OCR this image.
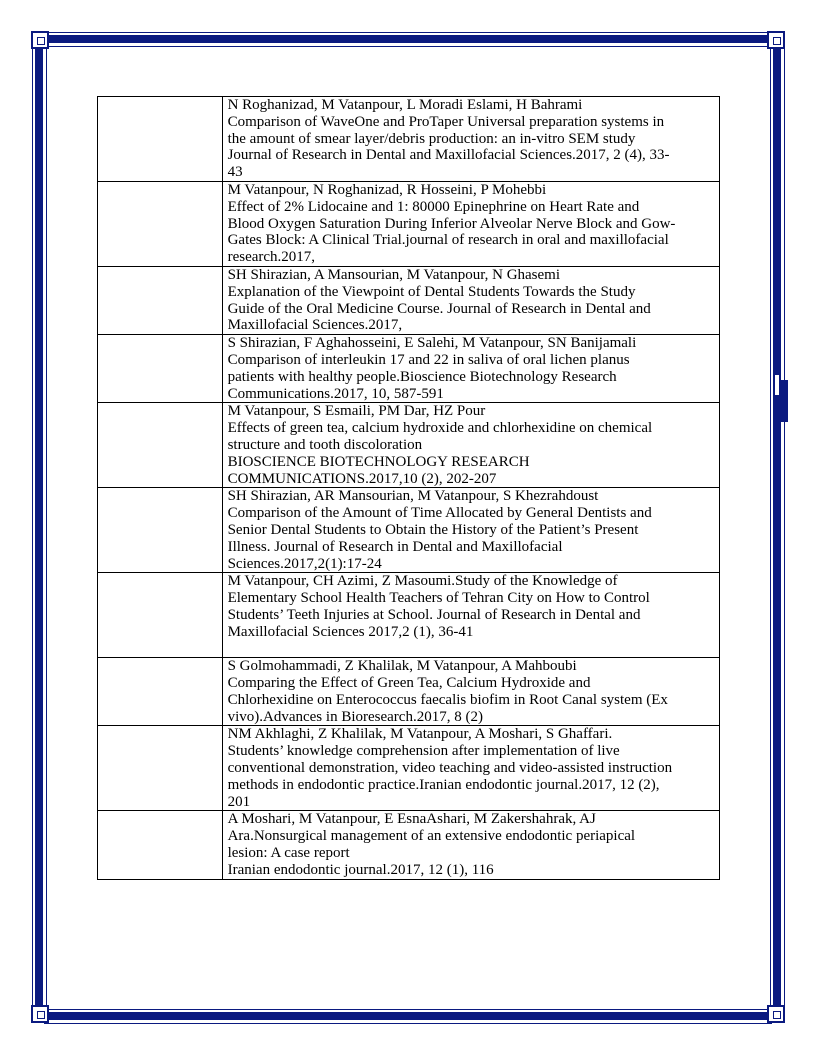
	N Roghanizad, M Vatanpour, L Moradi Eslami, H Bahrami
Comparison of WaveOne and ProTaper Universal preparation systems in
the amount of smear layer/debris production: an in-vitro SEM study
Journal of Research in Dental and Maxillofacial Sciences.2017, 2 (4), 33-
43

	M Vatanpour, N Roghanizad, R Hosseini, P Mohebbi
Effect of 2% Lidocaine and 1: 80000 Epinephrine on Heart Rate and
Blood Oxygen Saturation During Inferior Alveolar Nerve Block and Gow-
Gates Block: A Clinical Trial.journal of research in oral and maxillofacial
research.2017,

	SH Shirazian, A Mansourian, M Vatanpour, N Ghasemi
Explanation of the Viewpoint of Dental Students Towards the Study
Guide of the Oral Medicine Course. Journal of Research in Dental and
Maxillofacial Sciences.2017,

	S Shirazian, F Aghahosseini, E Salehi, M Vatanpour, SN Banijamali
Comparison of interleukin 17 and 22 in saliva of oral lichen planus
patients with healthy people.Bioscience Biotechnology Research
Communications.2017, 10, 587-591

	M Vatanpour, S Esmaili, PM Dar, HZ Pour
Effects of green tea, calcium hydroxide and chlorhexidine on chemical
structure and tooth discoloration
BIOSCIENCE BIOTECHNOLOGY RESEARCH
COMMUNICATIONS.2017,10 (2), 202-207

	SH Shirazian, AR Mansourian, M Vatanpour, S Khezrahdoust
Comparison of the Amount of Time Allocated by General Dentists and
Senior Dental Students to Obtain the History of the Patient’s Present
Illness. Journal of Research in Dental and Maxillofacial
Sciences.2017,2(1):17-24

	M Vatanpour, CH Azimi, Z Masoumi.Study of the Knowledge of
Elementary School Health Teachers of Tehran City on How to Control
Students’ Teeth Injuries at School. Journal of Research in Dental and
Maxillofacial Sciences 2017,2 (1), 36-41

	S Golmohammadi, Z Khalilak, M Vatanpour, A Mahboubi
Comparing the Effect of Green Tea, Calcium Hydroxide and
Chlorhexidine on Enterococcus faecalis biofim in Root Canal system (Ex
vivo).Advances in Bioresearch.2017, 8 (2)

	NM Akhlaghi, Z Khalilak, M Vatanpour, A Moshari, S Ghaffari.
Students’ knowledge comprehension after implementation of live
conventional demonstration, video teaching and video-assisted instruction
methods in endodontic practice.Iranian endodontic journal.2017, 12 (2),
201

	A Moshari, M Vatanpour, E EsnaAshari, M Zakershahrak, AJ
Ara.Nonsurgical management of an extensive endodontic periapical
lesion: A case report
Iranian endodontic journal.2017, 12 (1), 116
